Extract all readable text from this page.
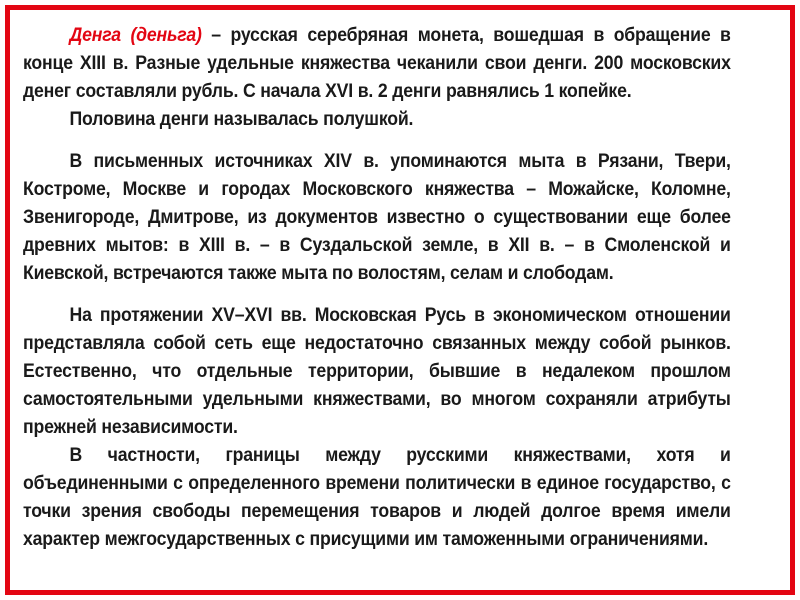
Денга (деньга) – русская серебряная монета, вошедшая в обращение в конце XIII в. Разные удельные княжества чеканили свои денги. 200 московских денег составляли рубль. С начала XVI в. 2 денги равнялись 1 копейке.

Половина денги называлась полушкой.

В письменных источниках XIV в. упоминаются мыта в Рязани, Твери, Костроме, Москве и городах Московского княжества – Можайске, Коломне, Звенигороде, Дмитрове, из документов известно о существовании еще более древних мытов: в XIII в. – в Суздальской земле, в XII в. – в Смоленской и Киевской, встречаются также мыта по волостям, селам и слободам.

На протяжении XV–XVI вв. Московская Русь в экономическом отношении представляла собой сеть еще недостаточно связанных между собой рынков. Естественно, что отдельные территории, бывшие в недалеком прошлом самостоятельными удельными княжествами, во многом сохраняли атрибуты прежней независимости.

В частности, границы между русскими княжествами, хотя и объединенными с определенного времени политически в единое государство, с точки зрения свободы перемещения товаров и людей долгое время имели характер межгосударственных с присущими им таможенными ограничениями.
